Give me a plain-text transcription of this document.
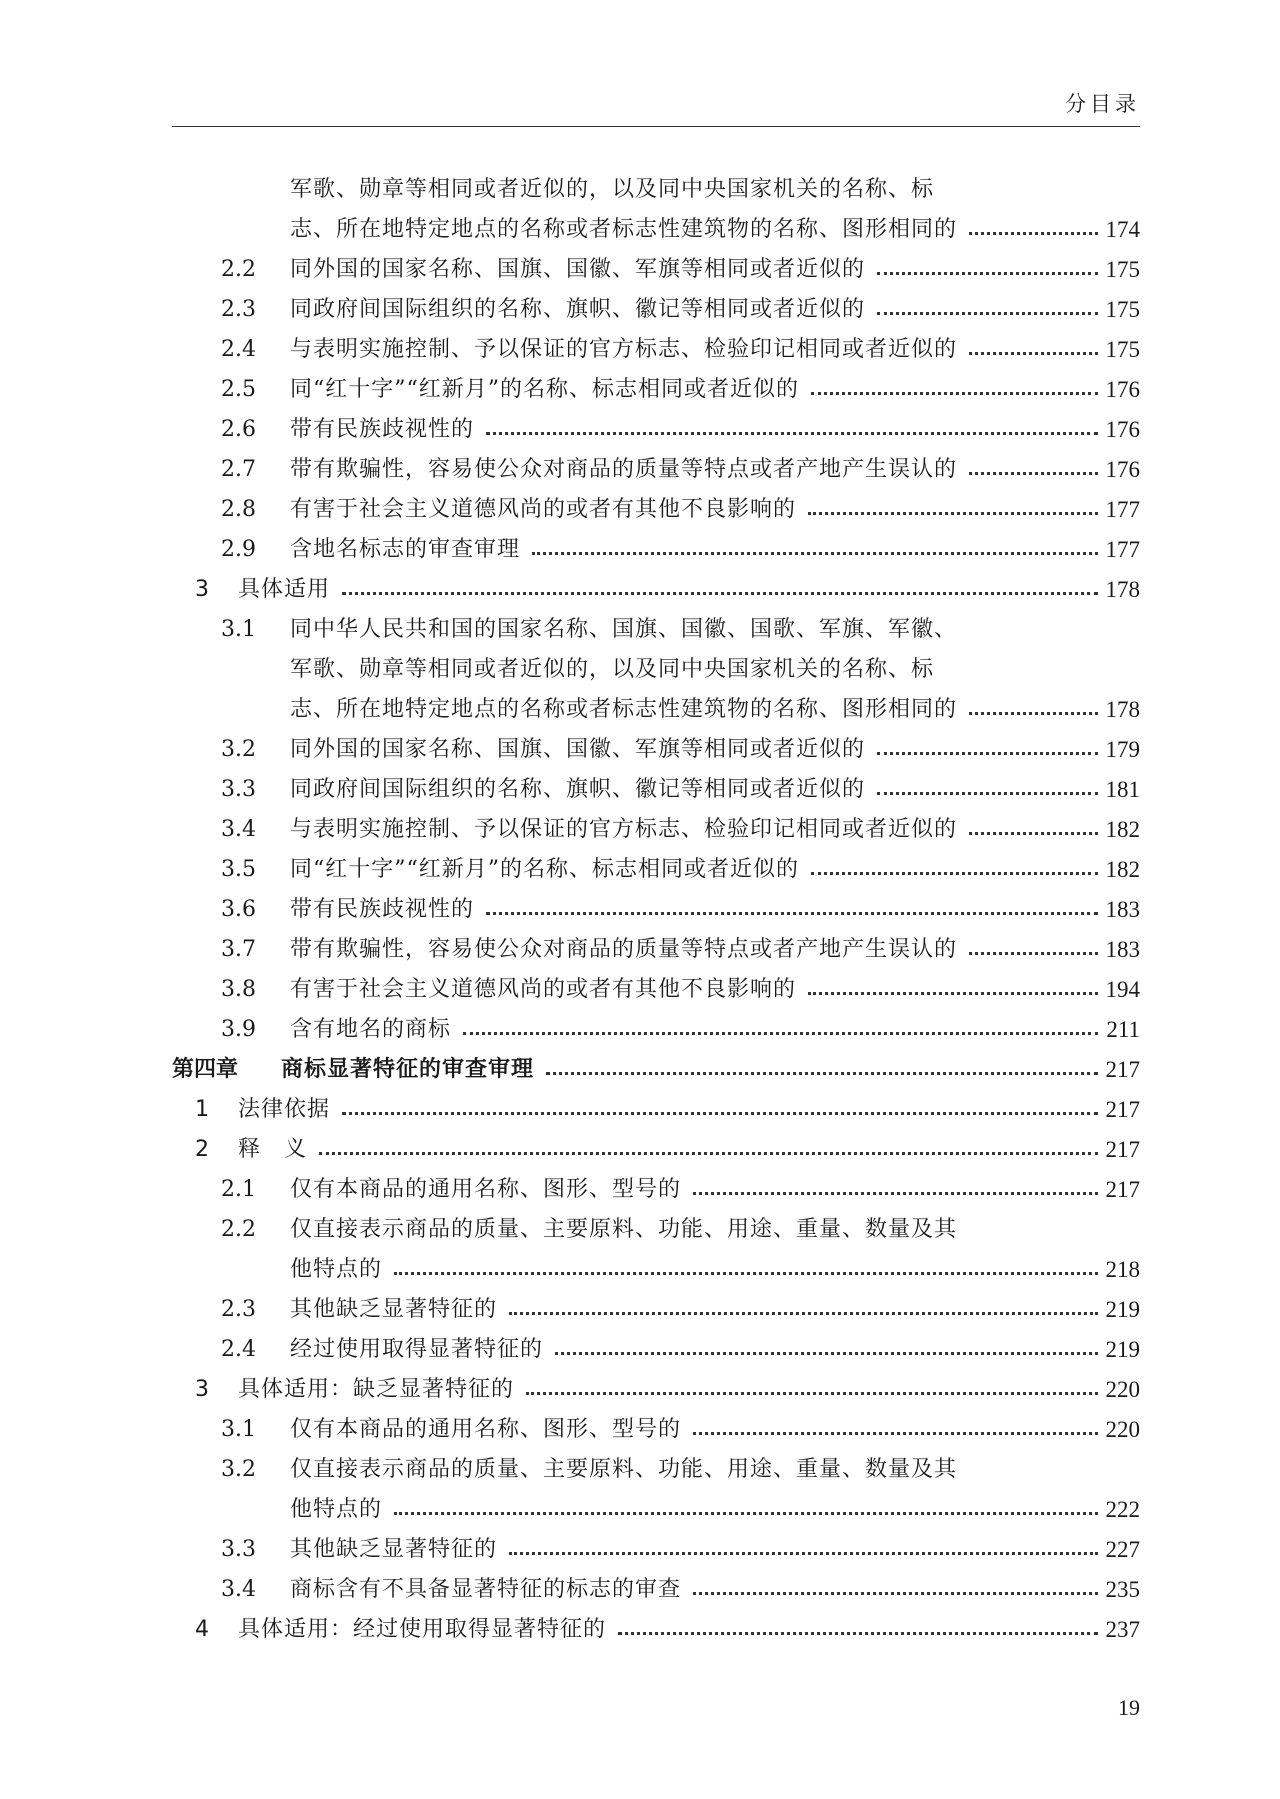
分目录
军歌、勋章等相同或者近似的，以及同中央国家机关的名称、标
志、所在地特定地点的名称或者标志性建筑物的名称、图形相同的	174
2.2 同外国的国家名称、国旗、国徽、军旗等相同或者近似的	175
2.3 同政府间国际组织的名称、旗帜、徽记等相同或者近似的	175
2.4 与表明实施控制、予以保证的官方标志、检验印记相同或者近似的	175
2.5 同“红十字”“红新月”的名称、标志相同或者近似的	176
2.6 带有民族歧视性的	176
2.7 带有欺骗性，容易使公众对商品的质量等特点或者产地产生误认的	176
2.8 有害于社会主义道德风尚的或者有其他不良影响的	177
2.9 含地名标志的审查审理	177
3 具体适用	178
3.1 同中华人民共和国的国家名称、国旗、国徽、国歌、军旗、军徽、
军歌、勋章等相同或者近似的，以及同中央国家机关的名称、标
志、所在地特定地点的名称或者标志性建筑物的名称、图形相同的	178
3.2 同外国的国家名称、国旗、国徽、军旗等相同或者近似的	179
3.3 同政府间国际组织的名称、旗帜、徽记等相同或者近似的	181
3.4 与表明实施控制、予以保证的官方标志、检验印记相同或者近似的	182
3.5 同“红十字”“红新月”的名称、标志相同或者近似的	182
3.6 带有民族歧视性的	183
3.7 带有欺骗性，容易使公众对商品的质量等特点或者产地产生误认的	183
3.8 有害于社会主义道德风尚的或者有其他不良影响的	194
3.9 含有地名的商标	211
第四章 商标显著特征的审查审理	217
1 法律依据	217
2 释　义	217
2.1 仅有本商品的通用名称、图形、型号的	217
2.2 仅直接表示商品的质量、主要原料、功能、用途、重量、数量及其
他特点的	218
2.3 其他缺乏显著特征的	219
2.4 经过使用取得显著特征的	219
3 具体适用：缺乏显著特征的	220
3.1 仅有本商品的通用名称、图形、型号的	220
3.2 仅直接表示商品的质量、主要原料、功能、用途、重量、数量及其
他特点的	222
3.3 其他缺乏显著特征的	227
3.4 商标含有不具备显著特征的标志的审查	235
4 具体适用：经过使用取得显著特征的	237
19
